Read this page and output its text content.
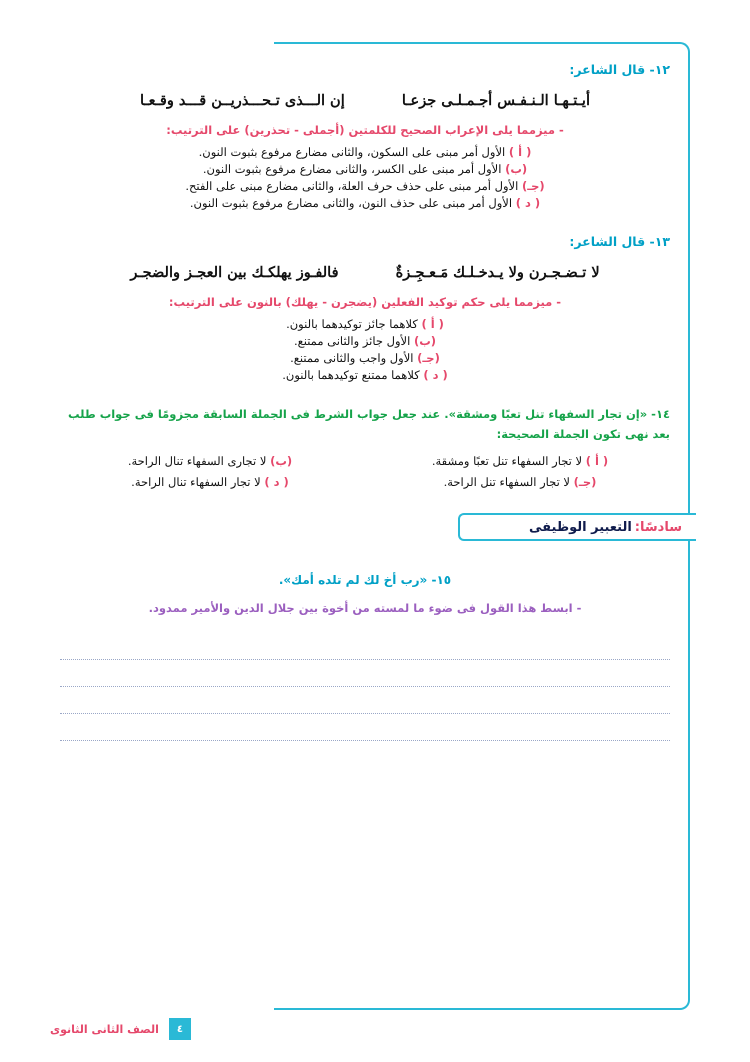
١٢- قال الشاعر:
أيـتـهـا الـنـفـس أجـمـلـى جزعـا  إن الـــذى تـحـــذريــن قـــد وقـعـا
- ميزمما يلى الإعراب الصحيح للكلمتين (أجملى - تحذرين) على الترتيب:
( أ ) الأول أمر مبنى على السكون، والثانى مضارع مرفوع بثبوت النون.
(ب) الأول أمر مبنى على الكسر، والثانى مضارع مرفوع بثبوت النون.
(جـ) الأول أمر مبنى على حذف حرف العلة، والثانى مضارع مبنى على الفتح.
( د ) الأول أمر مبنى على حذف النون، والثانى مضارع مرفوع بثبوت النون.
١٣- قال الشاعر:
لا تـضـجـرن ولا يـدخـلـك مَـعـجِـزةٌ  فالفـوز يهلكـك بين العجـز والضجـر
- ميزمما يلى حكم توكيد الفعلين (يضجرن - يهلك) بالنون على الترتيب:
( أ ) كلاهما جائز توكيدهما بالنون.
(ب) الأول جائز والثانى ممتنع.
(جـ) الأول واجب والثانى ممتنع.
( د ) كلاهما ممتنع توكيدهما بالنون.
١٤- «إن تجار السفهاء تنل تعبًا ومشقة». عند جعل جواب الشرط فى الجملة السابقة مجزومًا فى جواب طلب بعد نهى تكون الجملة الصحيحة:
( أ ) لا تجار السفهاء تنل تعبًا ومشقة.
(ب) لا تجارى السفهاء تنال الراحة.
(جـ) لا تجار السفهاء تنل الراحة.
( د ) لا تجار السفهاء تنال الراحة.
سادسًا:
التعبير الوظيفى
١٥- «رب أخ لك لم تلده أمك».
- ابسط هذا القول فى ضوء ما لمسته من أخوة بين جلال الدين والأمير ممدود.
٤
الصف الثانى الثانوى
